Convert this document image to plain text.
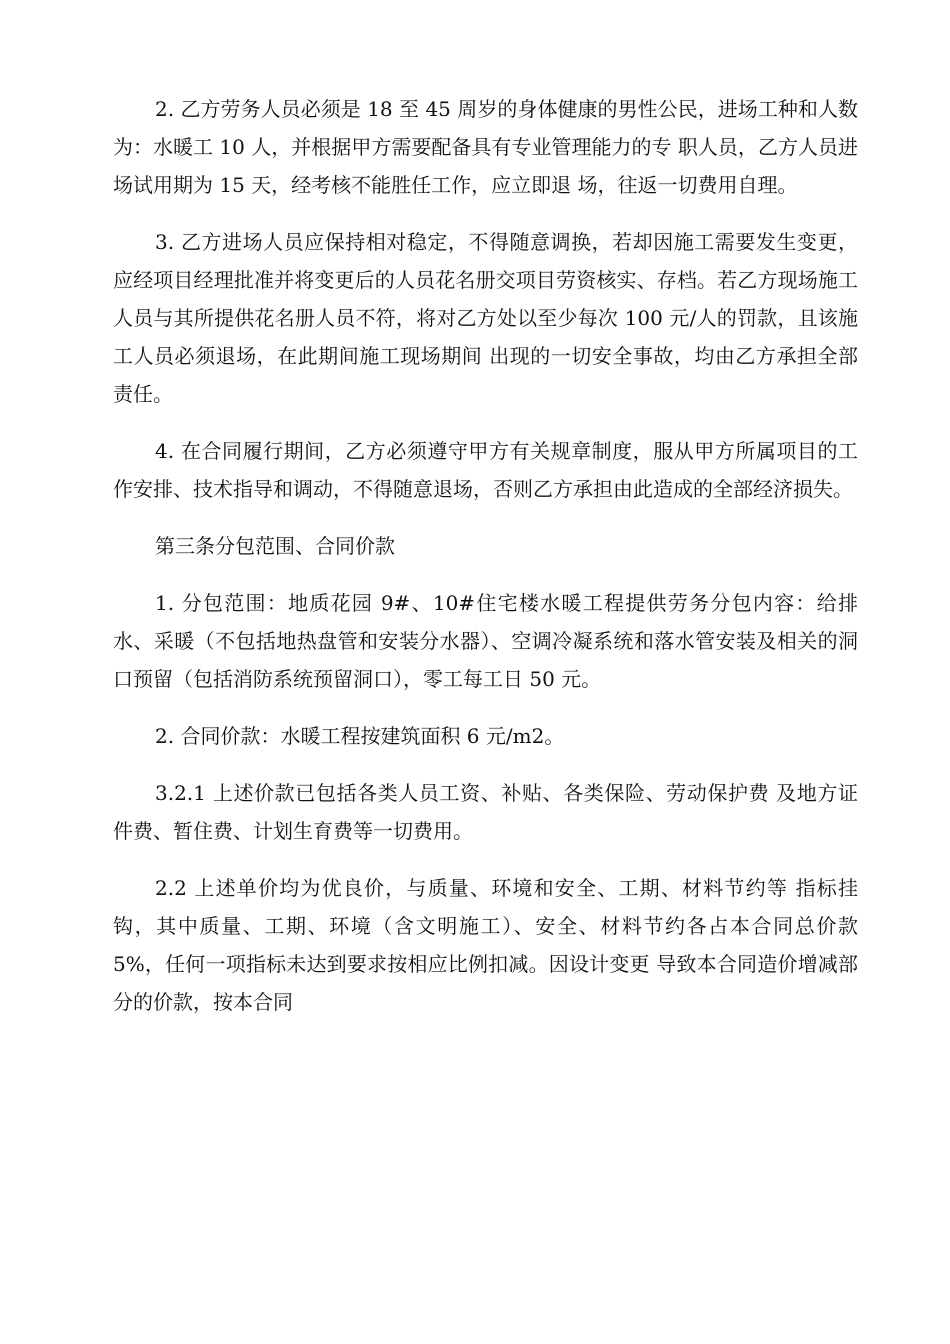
2. 乙方劳务人员必须是 18 至 45 周岁的身体健康的男性公民，进场工种和人数为：水暖工 10 人，并根据甲方需要配备具有专业管理能力的专 职人员，乙方人员进场试用期为 15 天，经考核不能胜任工作，应立即退 场，往返一切费用自理。

3. 乙方进场人员应保持相对稳定，不得随意调换，若却因施工需要发生变更，应经项目经理批准并将变更后的人员花名册交项目劳资核实、存档。若乙方现场施工人员与其所提供花名册人员不符，将对乙方处以至少每次 100 元/人的罚款，且该施工人员必须退场，在此期间施工现场期间 出现的一切安全事故，均由乙方承担全部责任。

4. 在合同履行期间，乙方必须遵守甲方有关规章制度，服从甲方所属项目的工作安排、技术指导和调动，不得随意退场，否则乙方承担由此造成的全部经济损失。

第三条分包范围、合同价款

1. 分包范围：地质花园 9#、10#住宅楼水暖工程提供劳务分包内容：给排水、采暖（不包括地热盘管和安装分水器）、空调冷凝系统和落水管安装及相关的洞口预留（包括消防系统预留洞口），零工每工日 50 元。

2. 合同价款：水暖工程按建筑面积 6 元/m2。

3.2.1 上述价款已包括各类人员工资、补贴、各类保险、劳动保护费 及地方证件费、暂住费、计划生育费等一切费用。

2.2 上述单价均为优良价，与质量、环境和安全、工期、材料节约等 指标挂钩，其中质量、工期、环境（含文明施工）、安全、材料节约各占本合同总价款 5%，任何一项指标未达到要求按相应比例扣减。因设计变更 导致本合同造价增减部分的价款，按本合同
